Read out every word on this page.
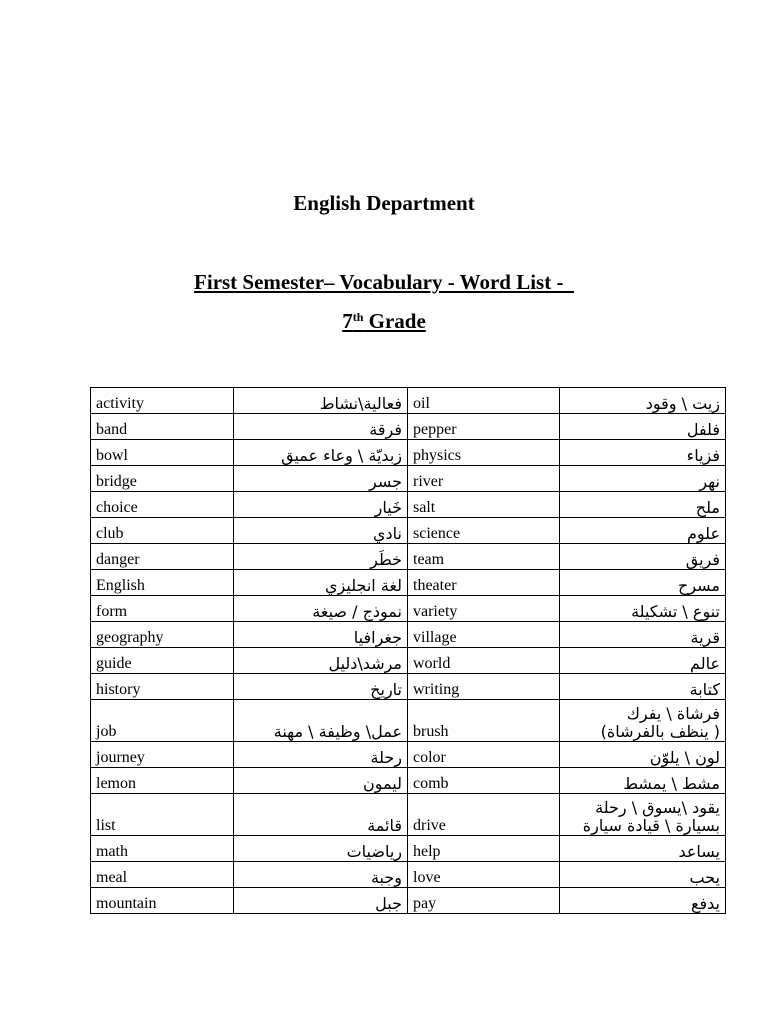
English Department
First Semester– Vocabulary - Word List -
7th Grade
activity	فعالية\نشاط	oil	زيت \ وقود
band	فرقة	pepper	فلفل
bowl	زبديّة \ وعاء عميق	physics	فزياء
bridge	جسر	river	نهر
choice	خَيار	salt	ملح
club	نادي	science	علوم
danger	خطَر	team	فريق
English	لغة انجليزي	theater	مسرح
form	نموذج / صيغة	variety	تنوع \ تشكيلة
geography	جغرافيا	village	قرية
guide	مرشد\دليل	world	عالم
history	تاريخ	writing	كتابة
job	عمل\ وظيفة \ مهنة	brush	فرشاة \ يفرك
( ينظف بالفرشاة)
journey	رحلة	color	لون \ يلوّن
lemon	ليمون	comb	مشط \ يمشط
list	قائمة	drive	يقود \يسوق \ رحلة
بسيارة \ قيادة سيارة
math	رياضيات	help	يساعد
meal	وجبة	love	يحب
mountain	جبل	pay	يدفع
